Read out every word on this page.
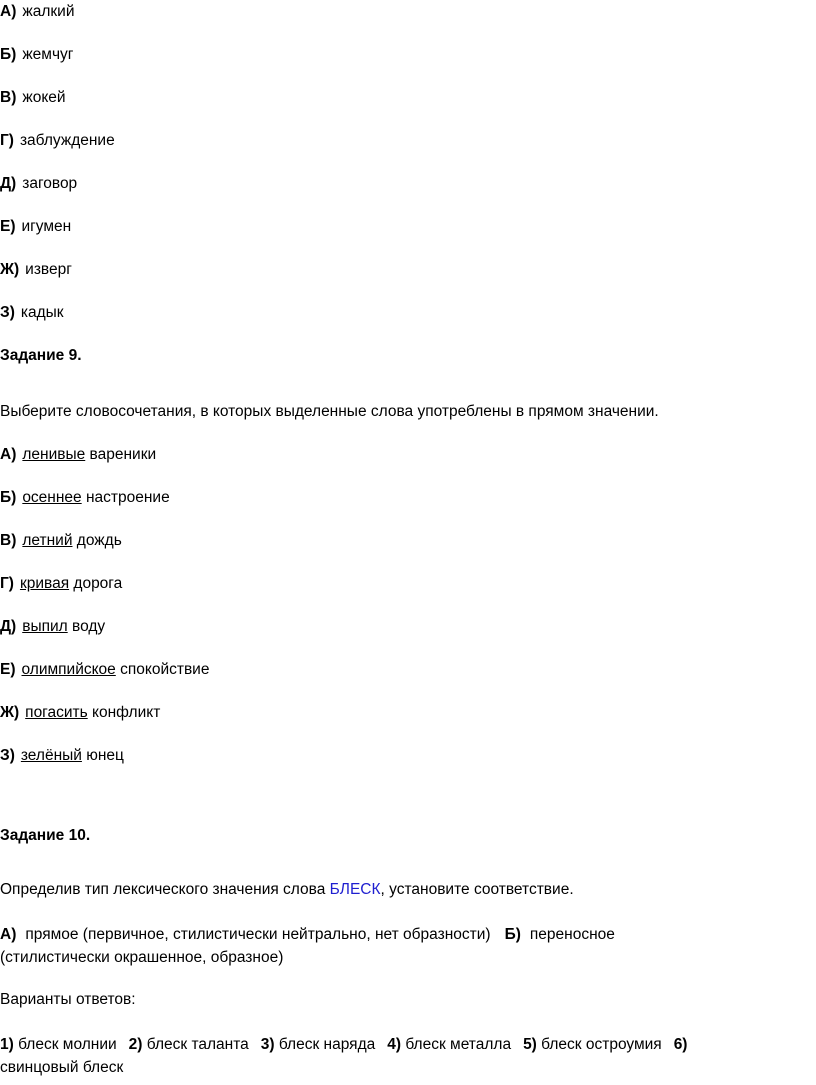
А) жалкий
Б) жемчуг
В) жокей
Г) заблуждение
Д) заговор
Е) игумен
Ж) изверг
З) кадык
Задание 9.
Выберите словосочетания, в которых выделенные слова употреблены в прямом значении.
А) ленивые вареники
Б) осеннее настроение
В) летний дождь
Г) кривая дорога
Д) выпил воду
Е) олимпийское спокойствие
Ж) погасить конфликт
З) зелёный юнец
Задание 10.
Определив тип лексического значения слова БЛЕСК, установите соответствие.
А) прямое (первичное, стилистически нейтрально, нет образности) Б) переносное
(стилистически окрашенное, образное)
Варианты ответов:
1) блеск молнии 2) блеск таланта 3) блеск наряда 4) блеск металла 5) блеск остроумия 6)
свинцовый блеск
